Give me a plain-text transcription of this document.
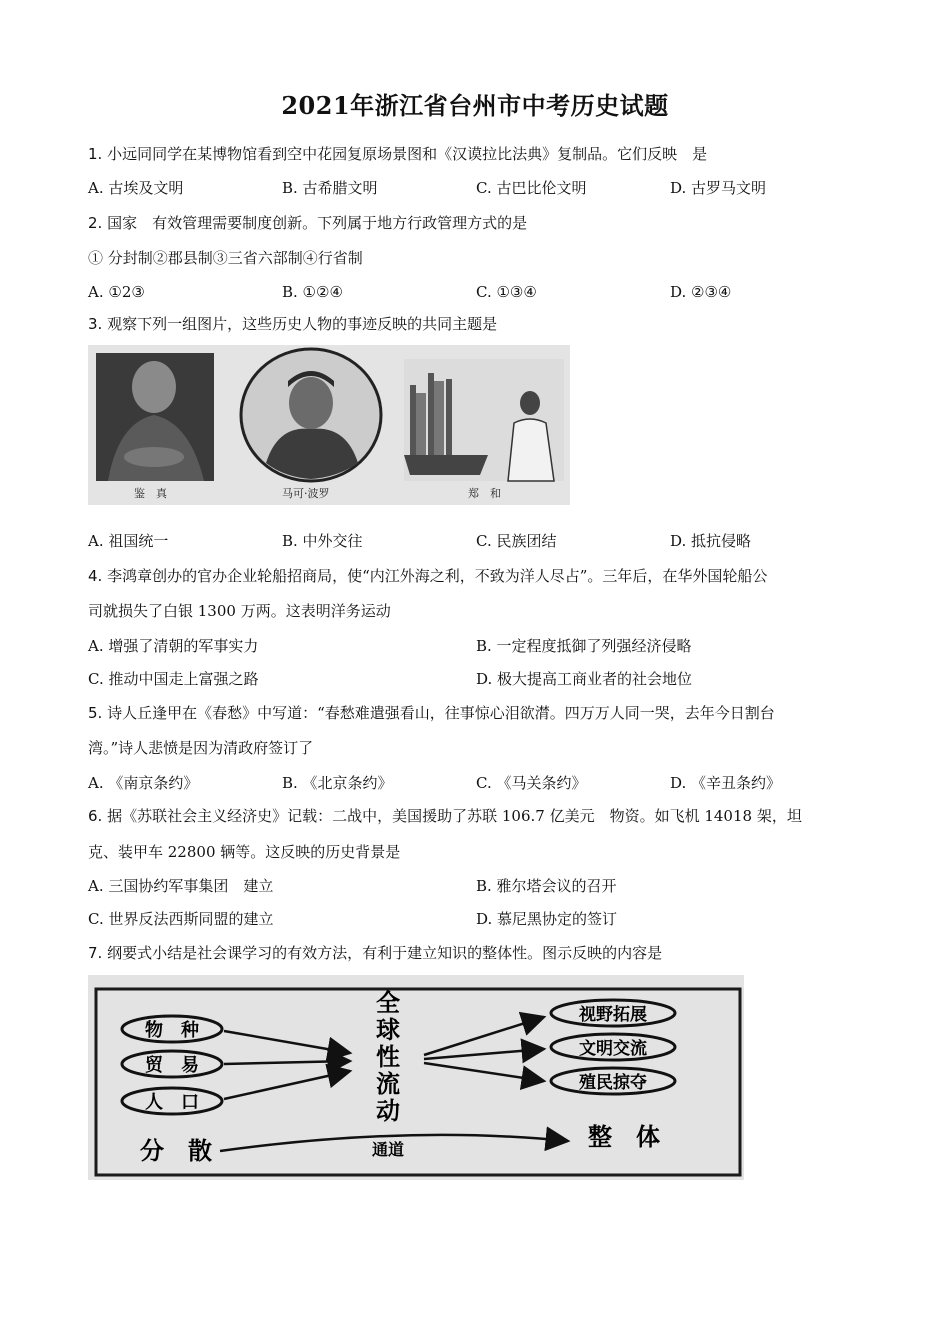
2021年浙江省台州市中考历史试题
1. 小远同同学在某博物馆看到空中花园复原场景图和《汉谟拉比法典》复制品。它们反映　是
A. 古埃及文明	B. 古希腊文明	C. 古巴比伦文明	D. 古罗马文明
2. 国家　有效管理需要制度创新。下列属于地方行政管理方式的是
① 分封制②郡县制③三省六部制④行省制
A. ①2③	B. ①②④	C. ①③④	D. ②③④
3. 观察下列一组图片，这些历史人物的事迹反映的共同主题是
鉴　真	马可·波罗	郑　和
A. 祖国统一	B. 中外交往	C. 民族团结	D. 抵抗侵略
4. 李鸿章创办的官办企业轮船招商局，使“内江外海之利，不致为洋人尽占”。三年后，在华外国轮船公
司就损失了白银 1300 万两。这表明洋务运动
A. 增强了清朝的军事实力	B. 一定程度抵御了列强经济侵略
C. 推动中国走上富强之路	D. 极大提高工商业者的社会地位
5. 诗人丘逢甲在《春愁》中写道：“春愁难遣强看山，往事惊心泪欲潸。四万万人同一哭，去年今日割台
湾。”诗人悲愤是因为清政府签订了
A. 《南京条约》	B. 《北京条约》	C. 《马关条约》	D. 《辛丑条约》
6. 据《苏联社会主义经济史》记载：二战中，美国援助了苏联 106.7 亿美元　物资。如飞机 14018 架，坦
克、装甲车 22800 辆等。这反映的历史背景是
A. 三国协约军事集团　建立	B. 雅尔塔会议的召开
C. 世界反法西斯同盟的建立	D. 慕尼黑协定的签订
7. 纲要式小结是社会课学习的有效方法，有利于建立知识的整体性。图示反映的内容是
物　种
贸　易
人　口
全
球
性
流
动
视野拓展
文明交流
殖民掠夺
分　散	通道	整　体
